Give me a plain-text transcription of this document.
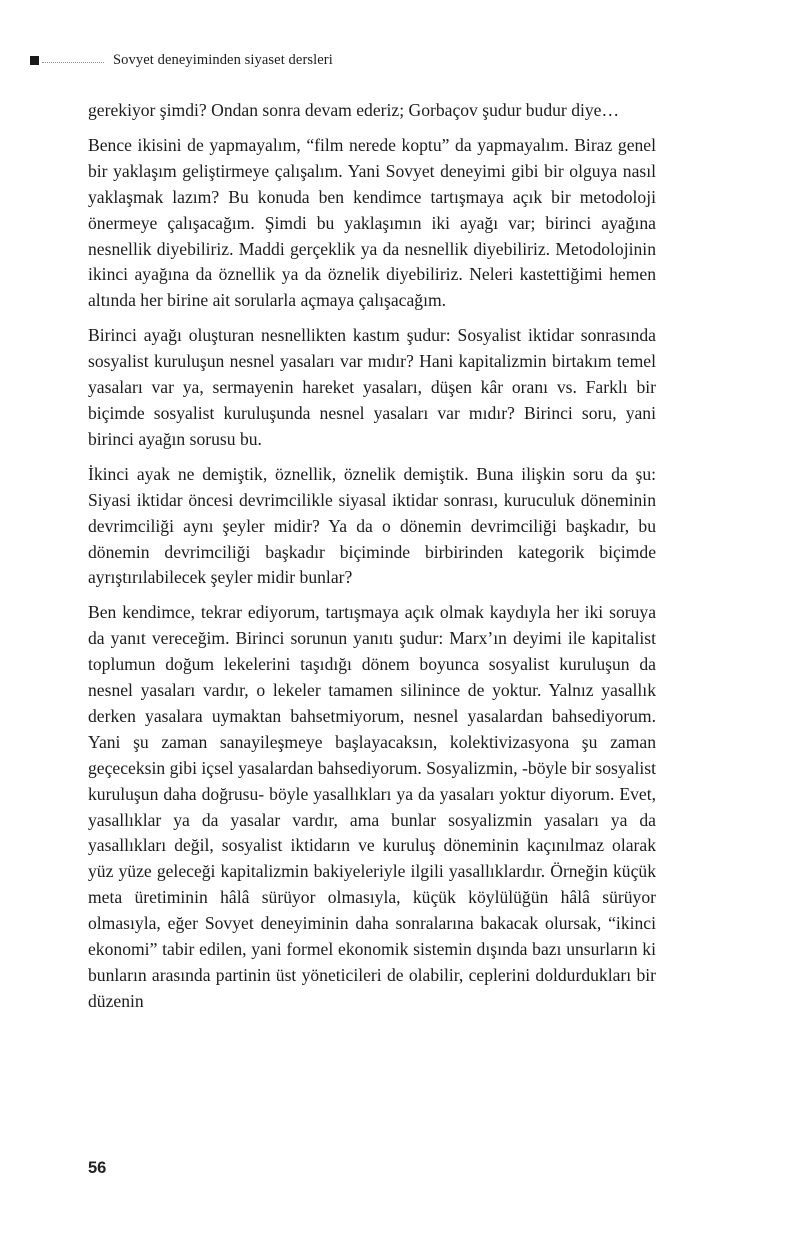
Sovyet deneyiminden siyaset dersleri

gerekiyor şimdi? Ondan sonra devam ederiz; Gorbaçov şudur budur diye…

Bence ikisini de yapmayalım, “film nerede koptu” da yapmayalım. Biraz genel bir yaklaşım geliştirmeye çalışalım. Yani Sovyet deneyimi gibi bir olguya nasıl yaklaşmak lazım? Bu konuda ben kendimce tartışmaya açık bir metodoloji önermeye çalışacağım. Şimdi bu yaklaşımın iki ayağı var; birinci ayağına nesnellik diyebiliriz. Maddi gerçeklik ya da nesnellik diyebiliriz. Metodolojinin ikinci ayağına da öznellik ya da öznelik diyebiliriz. Neleri kastettiğimi hemen altında her birine ait sorularla açmaya çalışacağım.

Birinci ayağı oluşturan nesnellikten kastım şudur: Sosyalist iktidar sonrasında sosyalist kuruluşun nesnel yasaları var mıdır? Hani kapitalizmin birtakım temel yasaları var ya, sermayenin hareket yasaları, düşen kâr oranı vs. Farklı bir biçimde sosyalist kuruluşunda nesnel yasaları var mıdır? Birinci soru, yani birinci ayağın sorusu bu.

İkinci ayak ne demiştik, öznellik, öznelik demiştik. Buna ilişkin soru da şu: Siyasi iktidar öncesi devrimcilikle siyasal iktidar sonrası, kuruculuk döneminin devrimciliği aynı şeyler midir? Ya da o dönemin devrimciliği başkadır, bu dönemin devrimciliği başkadır biçiminde birbirinden kategorik biçimde ayrıştırılabilecek şeyler midir bunlar?

Ben kendimce, tekrar ediyorum, tartışmaya açık olmak kaydıyla her iki soruya da yanıt vereceğim. Birinci sorunun yanıtı şudur: Marx’ın deyimi ile kapitalist toplumun doğum lekelerini taşıdığı dönem boyunca sosyalist kuruluşun da nesnel yasaları vardır, o lekeler tamamen silinince de yoktur. Yalnız yasallık derken yasalara uymaktan bahsetmiyorum, nesnel yasalardan bahsediyorum. Yani şu zaman sanayileşmeye başlayacaksın, kolektivizasyona şu zaman geçeceksin gibi içsel yasalardan bahsediyorum. Sosyalizmin, -böyle bir sosyalist kuruluşun daha doğrusu- böyle yasallıkları ya da yasaları yoktur diyorum. Evet, yasallıklar ya da yasalar vardır, ama bunlar sosyalizmin yasaları ya da yasallıkları değil, sosyalist iktidarın ve kuruluş döneminin kaçınılmaz olarak yüz yüze geleceği kapitalizmin bakiyeleriyle ilgili yasallıklardır. Örneğin küçük meta üretiminin hâlâ sürüyor olmasıyla, küçük köylülüğün hâlâ sürüyor olmasıyla, eğer Sovyet deneyiminin daha sonralarına bakacak olursak, “ikinci ekonomi” tabir edilen, yani formel ekonomik sistemin dışında bazı unsurların ki bunların arasında partinin üst yöneticileri de olabilir, ceplerini doldurdukları bir düzenin

56
